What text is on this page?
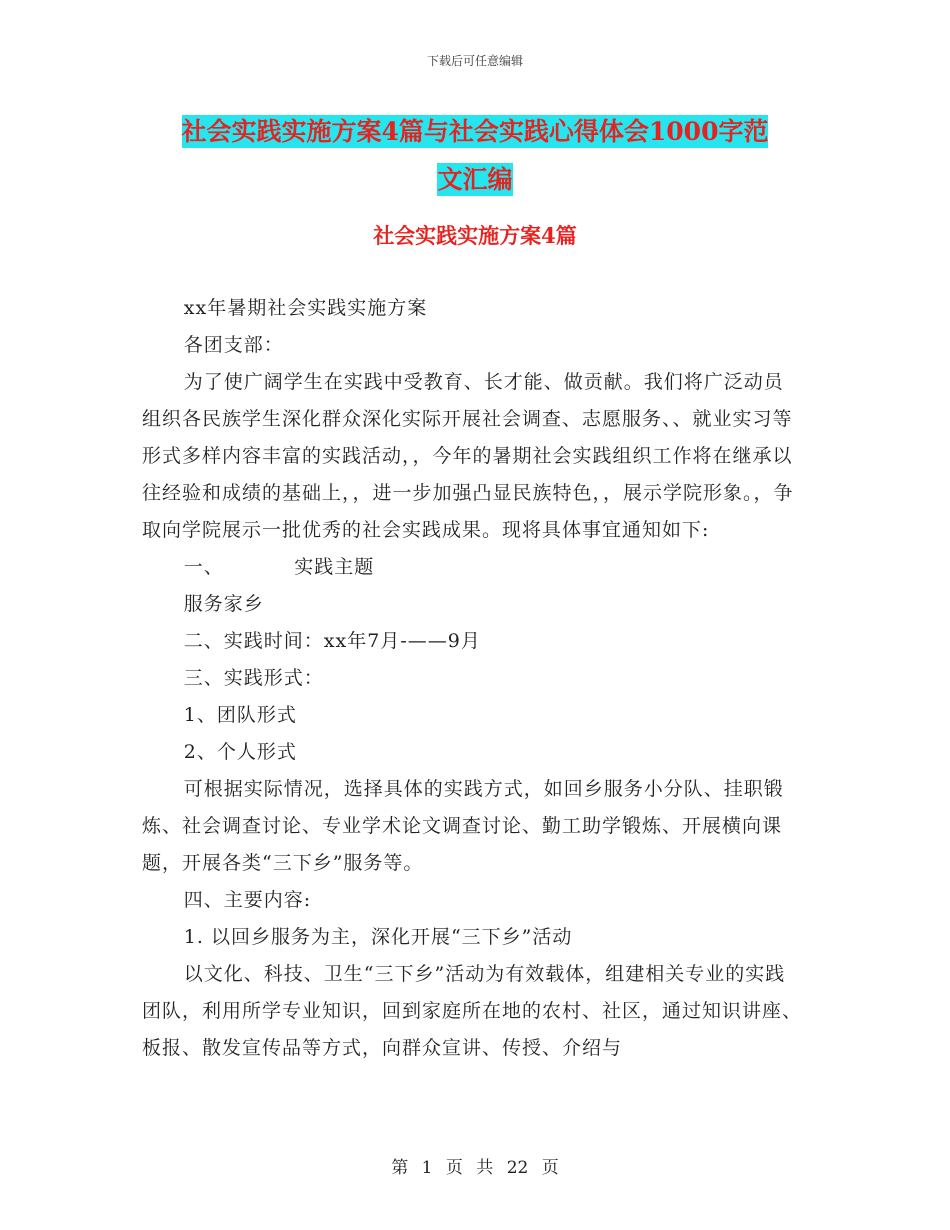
下载后可任意编辑
社会实践实施方案4篇与社会实践心得体会1000字范
文汇编
社会实践实施方案4篇

xx年暑期社会实践实施方案

各团支部：

为了使广阔学生在实践中受教育、长才能、做贡献。我们将广泛动员组织各民族学生深化群众深化实际开展社会调查、志愿服务、、就业实习等形式多样内容丰富的实践活动，，今年的暑期社会实践组织工作将在继承以往经验和成绩的基础上，，进一步加强凸显民族特色，，展示学院形象。，争取向学院展示一批优秀的社会实践成果。现将具体事宜通知如下:

一、　　　　实践主题

服务家乡

二、实践时间：xx年7月-——9月

三、实践形式：

1、团队形式

2、个人形式

可根据实际情况，选择具体的实践方式，如回乡服务小分队、挂职锻炼、社会调查讨论、专业学术论文调查讨论、勤工助学锻炼、开展横向课题，开展各类“三下乡”服务等。

四、主要内容:

1. 以回乡服务为主，深化开展“三下乡”活动

以文化、科技、卫生“三下乡”活动为有效载体，组建相关专业的实践团队，利用所学专业知识，回到家庭所在地的农村、社区，通过知识讲座、板报、散发宣传品等方式，向群众宣讲、传授、介绍与

第 1 页 共 22 页
